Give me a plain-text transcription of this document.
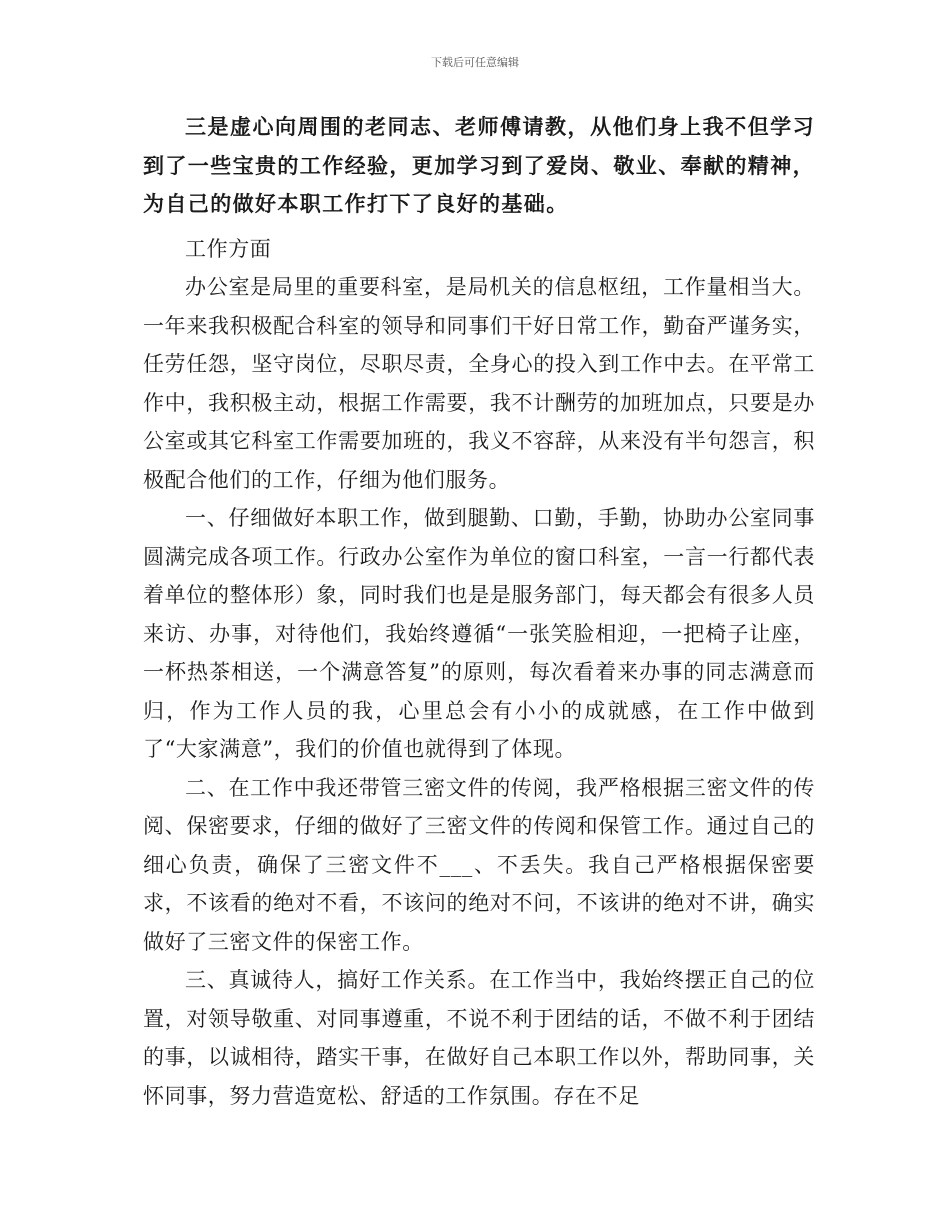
下载后可任意编辑

三是虚心向周围的老同志、老师傅请教，从他们身上我不但学习到了一些宝贵的工作经验，更加学习到了爱岗、敬业、奉献的精神，为自己的做好本职工作打下了良好的基础。

工作方面

办公室是局里的重要科室，是局机关的信息枢纽，工作量相当大。一年来我积极配合科室的领导和同事们干好日常工作，勤奋严谨务实，任劳任怨，坚守岗位，尽职尽责，全身心的投入到工作中去。在平常工作中，我积极主动，根据工作需要，我不计酬劳的加班加点，只要是办公室或其它科室工作需要加班的，我义不容辞，从来没有半句怨言，积极配合他们的工作，仔细为他们服务。

一、仔细做好本职工作，做到腿勤、口勤，手勤，协助办公室同事圆满完成各项工作。行政办公室作为单位的窗口科室，一言一行都代表着单位的整体形）象，同时我们也是是服务部门，每天都会有很多人员来访、办事，对待他们，我始终遵循“一张笑脸相迎，一把椅子让座，一杯热茶相送，一个满意答复”的原则，每次看着来办事的同志满意而归，作为工作人员的我，心里总会有小小的成就感，在工作中做到了“大家满意”，我们的价值也就得到了体现。

二、在工作中我还带管三密文件的传阅，我严格根据三密文件的传阅、保密要求，仔细的做好了三密文件的传阅和保管工作。通过自己的细心负责，确保了三密文件不___、不丢失。我自己严格根据保密要求，不该看的绝对不看，不该问的绝对不问，不该讲的绝对不讲，确实做好了三密文件的保密工作。

三、真诚待人，搞好工作关系。在工作当中，我始终摆正自己的位置，对领导敬重、对同事遵重，不说不利于团结的话，不做不利于团结的事，以诚相待，踏实干事，在做好自己本职工作以外，帮助同事，关怀同事，努力营造宽松、舒适的工作氛围。存在不足
